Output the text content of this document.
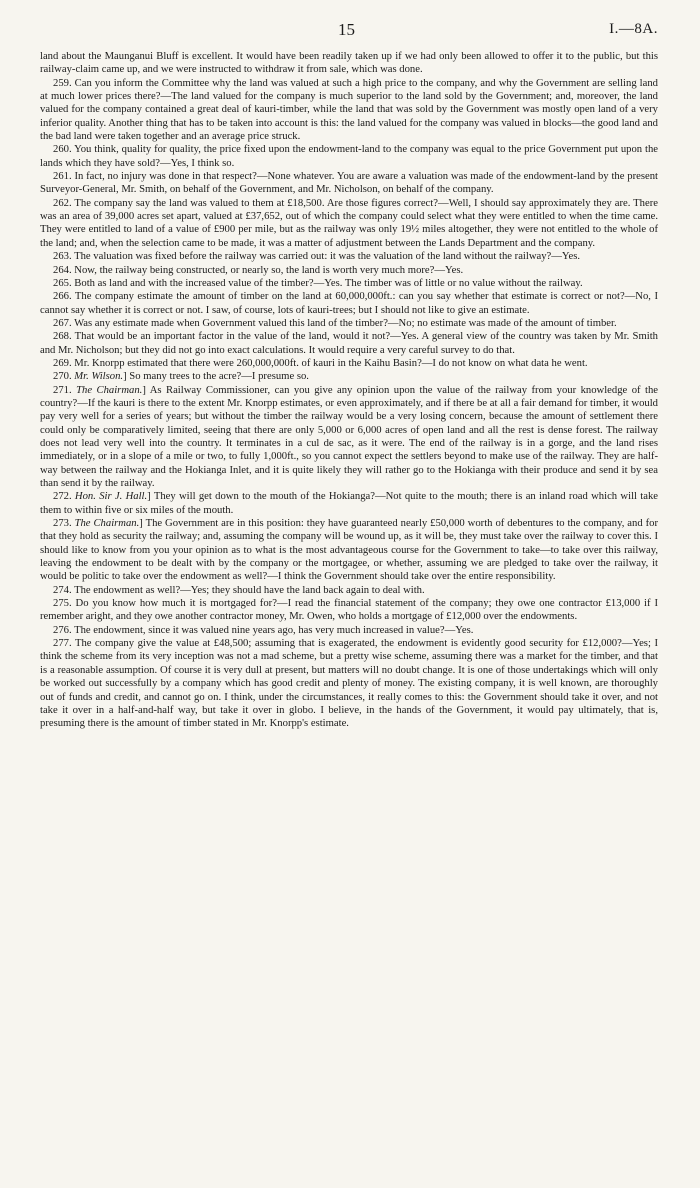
15	I.—8A.

land about the Maunganui Bluff is excellent. It would have been readily taken up if we had only been allowed to offer it to the public, but this railway-claim came up, and we were instructed to withdraw it from sale, which was done.

259. Can you inform the Committee why the land was valued at such a high price to the company, and why the Government are selling land at much lower prices there?—The land valued for the company is much superior to the land sold by the Government; and, moreover, the land valued for the company contained a great deal of kauri-timber, while the land that was sold by the Government was mostly open land of a very inferior quality. Another thing that has to be taken into account is this: the land valued for the company was valued in blocks—the good land and the bad land were taken together and an average price struck.

260. You think, quality for quality, the price fixed upon the endowment-land to the company was equal to the price Government put upon the lands which they have sold?—Yes, I think so.

261. In fact, no injury was done in that respect?—None whatever. You are aware a valuation was made of the endowment-land by the present Surveyor-General, Mr. Smith, on behalf of the Government, and Mr. Nicholson, on behalf of the company.

262. The company say the land was valued to them at £18,500. Are those figures correct?—Well, I should say approximately they are. There was an area of 39,000 acres set apart, valued at £37,652, out of which the company could select what they were entitled to when the time came. They were entitled to land of a value of £900 per mile, but as the railway was only 19½ miles altogether, they were not entitled to the whole of the land; and, when the selection came to be made, it was a matter of adjustment between the Lands Department and the company.

263. The valuation was fixed before the railway was carried out: it was the valuation of the land without the railway?—Yes.

264. Now, the railway being constructed, or nearly so, the land is worth very much more?—Yes.

265. Both as land and with the increased value of the timber?—Yes. The timber was of little or no value without the railway.

266. The company estimate the amount of timber on the land at 60,000,000ft.: can you say whether that estimate is correct or not?—No, I cannot say whether it is correct or not. I saw, of course, lots of kauri-trees; but I should not like to give an estimate.

267. Was any estimate made when Government valued this land of the timber?—No; no estimate was made of the amount of timber.

268. That would be an important factor in the value of the land, would it not?—Yes. A general view of the country was taken by Mr. Smith and Mr. Nicholson; but they did not go into exact calculations. It would require a very careful survey to do that.

269. Mr. Knorpp estimated that there were 260,000,000ft. of kauri in the Kaihu Basin?—I do not know on what data he went.

270. Mr. Wilson.] So many trees to the acre?—I presume so.

271. The Chairman.] As Railway Commissioner, can you give any opinion upon the value of the railway from your knowledge of the country?—If the kauri is there to the extent Mr. Knorpp estimates, or even approximately, and if there be at all a fair demand for timber, it would pay very well for a series of years; but without the timber the railway would be a very losing concern, because the amount of settlement there could only be comparatively limited, seeing that there are only 5,000 or 6,000 acres of open land and all the rest is dense forest. The railway does not lead very well into the country. It terminates in a cul de sac, as it were. The end of the railway is in a gorge, and the land rises immediately, or in a slope of a mile or two, to fully 1,000ft., so you cannot expect the settlers beyond to make use of the railway. They are half-way between the railway and the Hokianga Inlet, and it is quite likely they will rather go to the Hokianga with their produce and send it by sea than send it by the railway.

272. Hon. Sir J. Hall.] They will get down to the mouth of the Hokianga?—Not quite to the mouth; there is an inland road which will take them to within five or six miles of the mouth.

273. The Chairman.] The Government are in this position: they have guaranteed nearly £50,000 worth of debentures to the company, and for that they hold as security the railway; and, assuming the company will be wound up, as it will be, they must take over the railway to cover this. I should like to know from you your opinion as to what is the most advantageous course for the Government to take—to take over this railway, leaving the endowment to be dealt with by the company or the mortgagee, or whether, assuming we are pledged to take over the railway, it would be politic to take over the endowment as well?—I think the Government should take over the entire responsibility.

274. The endowment as well?—Yes; they should have the land back again to deal with.

275. Do you know how much it is mortgaged for?—I read the financial statement of the company; they owe one contractor £13,000 if I remember aright, and they owe another contractor money, Mr. Owen, who holds a mortgage of £12,000 over the endowments.

276. The endowment, since it was valued nine years ago, has very much increased in value?—Yes.

277. The company give the value at £48,500; assuming that is exagerated, the endowment is evidently good security for £12,000?—Yes; I think the scheme from its very inception was not a mad scheme, but a pretty wise scheme, assuming there was a market for the timber, and that is a reasonable assumption. Of course it is very dull at present, but matters will no doubt change. It is one of those undertakings which will only be worked out successfully by a company which has good credit and plenty of money. The existing company, it is well known, are thoroughly out of funds and credit, and cannot go on. I think, under the circumstances, it really comes to this: the Government should take it over, and not take it over in a half-and-half way, but take it over in globo. I believe, in the hands of the Government, it would pay ultimately, that is, presuming there is the amount of timber stated in Mr. Knorpp's estimate.
